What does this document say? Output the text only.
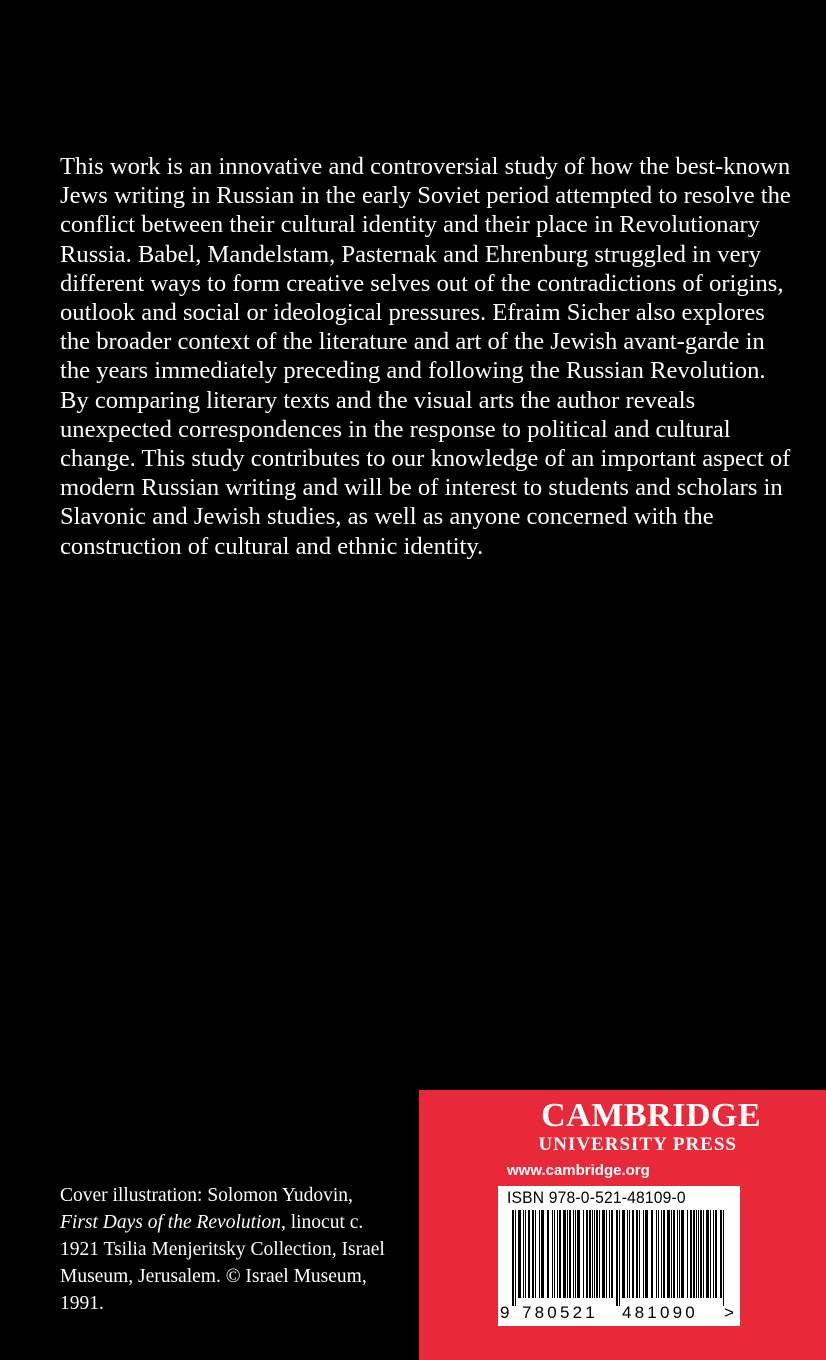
This work is an innovative and controversial study of how the best-known Jews writing in Russian in the early Soviet period attempted to resolve the conflict between their cultural identity and their place in Revolutionary Russia. Babel, Mandelstam, Pasternak and Ehrenburg struggled in very different ways to form creative selves out of the contradictions of origins, outlook and social or ideological pressures. Efraim Sicher also explores the broader context of the literature and art of the Jewish avant-garde in the years immediately preceding and following the Russian Revolution. By comparing literary texts and the visual arts the author reveals unexpected correspondences in the response to political and cultural change. This study contributes to our knowledge of an important aspect of modern Russian writing and will be of interest to students and scholars in Slavonic and Jewish studies, as well as anyone concerned with the construction of cultural and ethnic identity.

Cover illustration: Solomon Yudovin,
First Days of the Revolution, linocut c. 1921 Tsilia Menjeritsky Collection, Israel Museum, Jerusalem. © Israel Museum, 1991.

CAMBRIDGE

UNIVERSITY PRESS

www.cambridge.org

ISBN 978-0-521-48109-0
9 780521 481090 >
